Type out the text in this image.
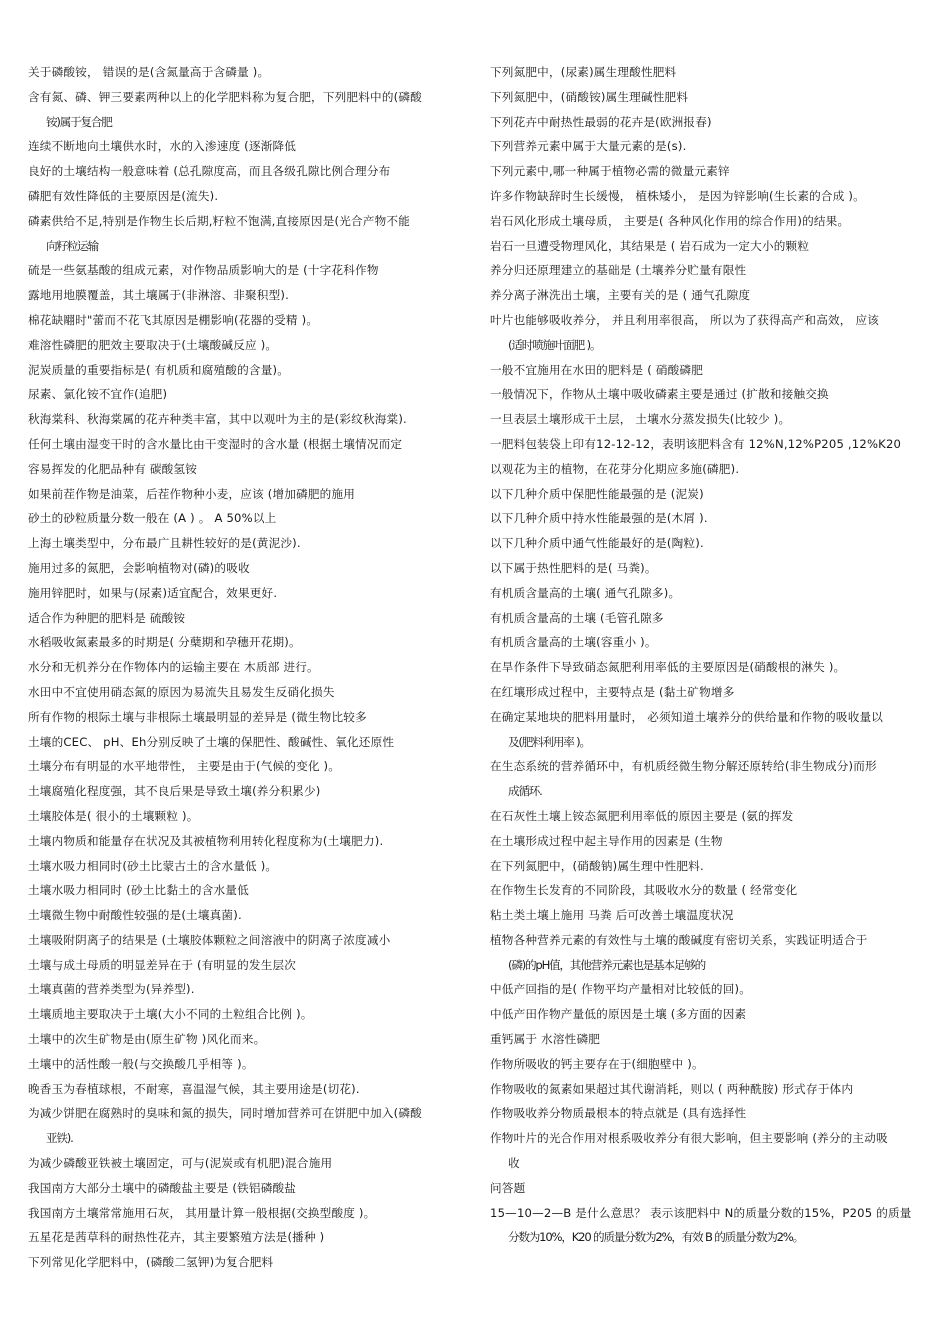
关于磷酸铵， 错误的是(含氮量高于含磷量 )。
含有氮、磷、钾三要素两种以上的化学肥料称为复合肥，下列肥料中的(磷酸
铵)属于复合肥
连续不断地向土壤供水时，水的入渗速度 (逐渐降低
良好的土壤结构一般意味着 (总孔隙度高，而且各级孔隙比例合理分布
磷肥有效性降低的主要原因是(流失).
磷素供给不足,特别是作物生长后期,籽粒不饱满,直接原因是(光合产物不能
向籽粒运输
硫是一些氨基酸的组成元素，对作物品质影响大的是 (十字花科作物
露地用地膜覆盖，其土壤属于(非淋溶、非聚积型).
棉花缺翢时"蕾而不花飞其原因是棚影响(花器的受精 )。
难溶性磷肥的肥效主要取决于(土壤酸碱反应 )。
泥炭质量的重要指标是( 有机质和腐殖酸的含量)。
尿素、氯化铵不宜作(追肥)
秋海棠科、秋海棠属的花卉种类丰富，其中以观叶为主的是(彩纹秋海棠).
任何土壤由湿变干时的含水量比由干变湿时的含水量 (根据土壤情况而定
容易挥发的化肥品种有 碳酸氢铵
如果前茬作物是油菜，后茬作物种小麦，应该 (增加磷肥的施用
砂土的砂粒质量分数一般在 (A ) 。 A 50%以上
上海土壤类型中，分布最广且耕性较好的是(黄泥沙).
施用过多的氮肥，会影响植物对(磷)的吸收
施用锌肥时，如果与(尿素)适宜配合，效果更好.
适合作为种肥的肥料是 硫酸铵
水稻吸收氮素最多的时期是( 分蘖期和孕穗开花期)。
水分和无机养分在作物体内的运输主要在 木质部 进行。
水田中不宜使用硝态氮的原因为易流失且易发生反硝化损失
所有作物的根际土壤与非根际土壤最明显的差异是 (微生物比较多
土壤的CEC、 pH、Eh分别反映了土壤的保肥性、酸碱性、氧化还原性
土壤分布有明显的水平地带性， 主要是由于(气候的变化 )。
土壤腐殖化程度强，其不良后果是导致土壤(养分积累少)
土壤胶体是( 很小的土壤颗粒 )。
土壤内物质和能量存在状况及其被植物利用转化程度称为(土壤肥力).
土壤水吸力相同时(砂土比蒙古土的含水量低 )。
土壤水吸力相同时 (砂土比黏土的含水量低
土壤微生物中耐酸性较强的是(土壤真菌).
土壤吸附阴离子的结果是 (土壤胶体颗粒之间溶液中的阴离子浓度减小
土壤与成土母质的明显差异在于 (有明显的发生层次
土壤真菌的营养类型为(异养型).
土壤质地主要取决于土壤(大小不同的土粒组合比例 )。
土壤中的次生矿物是由(原生矿物 )风化而来。
土壤中的活性酸一般(与交换酸几乎相等 )。
晚香玉为春植球根，不耐寒，喜温湿气候，其主要用途是(切花).
为减少饼肥在腐熟时的臭味和氮的损失，同时增加营养可在饼肥中加入(磷酸
亚铁).
为减少磷酸亚铁被土壤固定，可与(泥炭或有机肥)混合施用
我国南方大部分土壤中的磷酸盐主要是 (铁铝磷酸盐
我国南方土壤常常施用石灰， 其用量计算一般根据(交换型酸度 )。
五星花是茜草科的耐热性花卉，其主要繁殖方法是(播种 )
下列常见化学肥料中，(磷酸二氢钾)为复合肥料
下列氮肥中，(尿素)属生理酸性肥料
下列氮肥中，(硝酸铵)属生理碱性肥料
下列花卉中耐热性最弱的花卉是(欧洲报春)
下列营养元素中属于大量元素的是(s).
下列元素中,哪一种属于植物必需的微量元素锌
许多作物缺辞时生长缓慢， 植株矮小， 是因为锌影响(生长素的合成 )。
岩石风化形成土壤母质， 主要是( 各种风化作用的综合作用)的结果。
岩石一旦遭受物理风化，其结果是 ( 岩石成为一定大小的颗粒
养分归还原理建立的基础是 (土壤养分贮量有限性
养分离子淋洗出土壤，主要有关的是 ( 通气孔隙度
叶片也能够吸收养分， 并且利用率很高， 所以为了获得高产和高效， 应该
(适时喷施叶面肥 )。
一般不宜施用在水田的肥料是 ( 硝酸磷肥
一般情况下，作物从土壤中吸收磷素主要是通过 (扩散和接触交换
一旦表层土壤形成干土层， 土壤水分蒸发损失(比较少 )。
一肥料包装袋上印有12-12-12，表明该肥料含有 12%N,12%P205 ,12%K20
以观花为主的植物，在花芽分化期应多施(磷肥).
以下几种介质中保肥性能最强的是 (泥炭)
以下几种介质中持水性能最强的是(木屑 ).
以下几种介质中通气性能最好的是(陶粒).
以下属于热性肥料的是( 马粪)。
有机质含量高的土壤( 通气孔隙多)。
有机质含量高的土壤 (毛管孔隙多
有机质含量高的土壤(容重小 )。
在旱作条件下导致硝态氮肥利用率低的主要原因是(硝酸根的淋失 )。
在红壤形成过程中，主要特点是 (黏土矿物增多
在确定某地块的肥料用量时， 必须知道土壤养分的供给量和作物的吸收量以
及(肥料利用率 )。
在生态系统的营养循环中，有机质经微生物分解还原转给(非生物成分)而形
成循环.
在石灰性土壤上铵态氮肥利用率低的原因主要是 (氨的挥发
在土壤形成过程中起主导作用的因素是 (生物
在下列氮肥中，(硝酸钠)属生理中性肥料.
在作物生长发育的不同阶段，其吸收水分的数量 ( 经常变化
粘土类土壤上施用 马粪 后可改善土壤温度状况
植物各种营养元素的有效性与土壤的酸碱度有密切关系，实践证明适合于
(磷)的pH值，其他营养元素也是基本足够的
中低产回指的是( 作物平均产量相对比较低的回)。
中低产田作物产量低的原因是土壤 (多方面的因素
重钙属于 水溶性磷肥
作物所吸收的钙主要存在于(细胞壁中 )。
作物吸收的氮素如果超过其代谢消耗，则以 ( 两种酰胺) 形式存于体内
作物吸收养分物质最根本的特点就是 (具有选择性
作物叶片的光合作用对根系吸收养分有很大影响，但主要影响 (养分的主动吸
收
问答题
15—10—2—B 是什么意思？ 表示该肥料中 N的质量分数的15%，P205 的质量
分数为10%，K20 的质量分数为2%，有效 B 的质量分数为2%。
